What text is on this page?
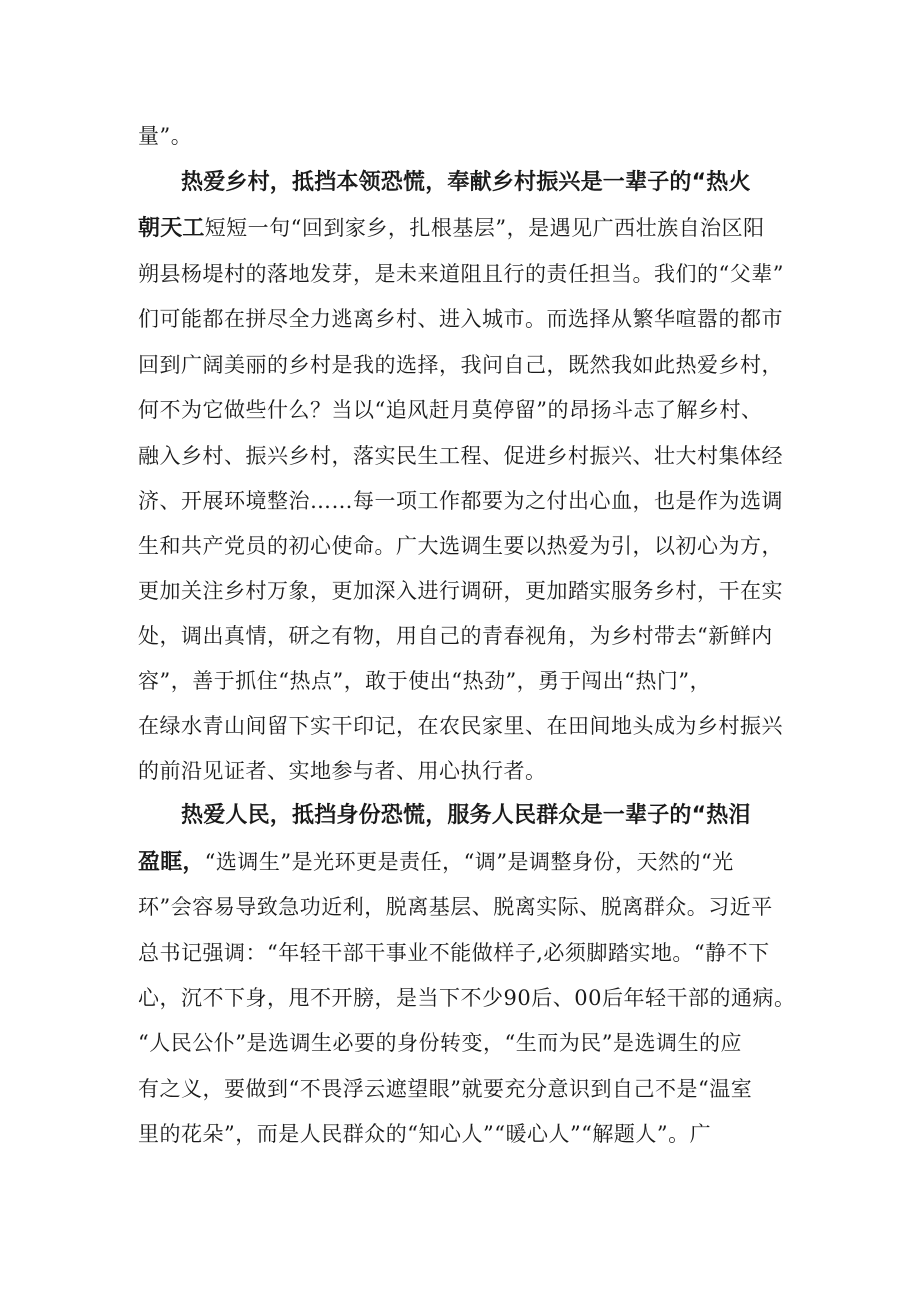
量”。
热爱乡村，抵挡本领恐慌，奉献乡村振兴是一辈子的“热火
朝天工短短一句“回到家乡，扎根基层”，是遇见广西壮族自治区阳
朔县杨堤村的落地发芽，是未来道阻且行的责任担当。我们的“父辈”
们可能都在拼尽全力逃离乡村、进入城市。而选择从繁华喧嚣的都市
回到广阔美丽的乡村是我的选择，我问自己，既然我如此热爱乡村，
何不为它做些什么？当以“追风赶月莫停留”的昂扬斗志了解乡村、
融入乡村、振兴乡村，落实民生工程、促进乡村振兴、壮大村集体经
济、开展环境整治……每一项工作都要为之付出心血，也是作为选调
生和共产党员的初心使命。广大选调生要以热爱为引，以初心为方，
更加关注乡村万象，更加深入进行调研，更加踏实服务乡村，干在实
处，调出真情，研之有物，用自己的青春视角，为乡村带去“新鲜内
容”，善于抓住“热点”，敢于使出“热劲”，勇于闯出“热门”，
在绿水青山间留下实干印记，在农民家里、在田间地头成为乡村振兴
的前沿见证者、实地参与者、用心执行者。
热爱人民，抵挡身份恐慌，服务人民群众是一辈子的“热泪
盈眶，“选调生”是光环更是责任，“调”是调整身份，天然的“光
环”会容易导致急功近利，脱离基层、脱离实际、脱离群众。习近平
总书记强调：“年轻干部干事业不能做样子,必须脚踏实地。“静不下
心，沉不下身，甩不开膀，是当下不少90后、00后年轻干部的通病。
“人民公仆”是选调生必要的身份转变，“生而为民”是选调生的应
有之义，要做到“不畏浮云遮望眼”就要充分意识到自己不是“温室
里的花朵”，而是人民群众的“知心人”“暖心人”“解题人”。广
